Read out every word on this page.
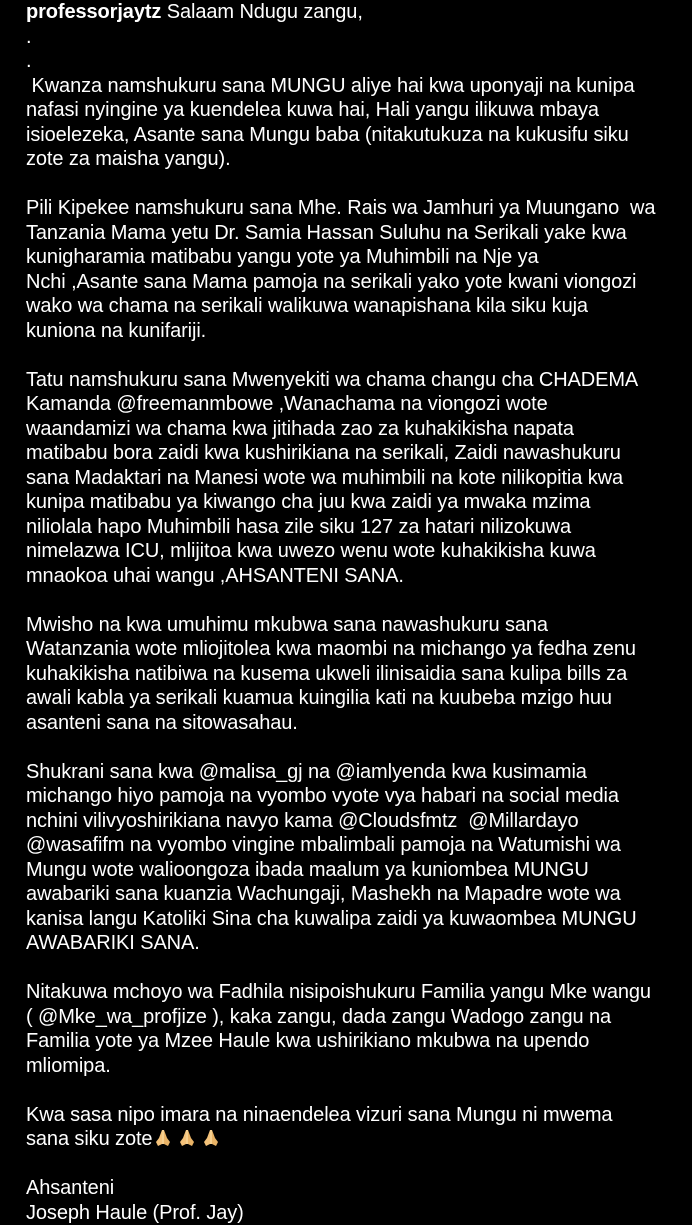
professorjaytz Salaam Ndugu zangu,
.
.
Kwanza namshukuru sana MUNGU aliye hai kwa uponyaji na kunipa
nafasi nyingine ya kuendelea kuwa hai, Hali yangu ilikuwa mbaya
isioelezeka, Asante sana Mungu baba (nitakutukuza na kukusifu siku
zote za maisha yangu).
Pili Kipekee namshukuru sana Mhe. Rais wa Jamhuri ya Muungano  wa
Tanzania Mama yetu Dr. Samia Hassan Suluhu na Serikali yake kwa
kunigharamia matibabu yangu yote ya Muhimbili na Nje ya
Nchi ,Asante sana Mama pamoja na serikali yako yote kwani viongozi
wako wa chama na serikali walikuwa wanapishana kila siku kuja
kuniona na kunifariji.
Tatu namshukuru sana Mwenyekiti wa chama changu cha CHADEMA
Kamanda @freemanmbowe ,Wanachama na viongozi wote
waandamizi wa chama kwa jitihada zao za kuhakikisha napata
matibabu bora zaidi kwa kushirikiana na serikali, Zaidi nawashukuru
sana Madaktari na Manesi wote wa muhimbili na kote nilikopitia kwa
kunipa matibabu ya kiwango cha juu kwa zaidi ya mwaka mzima
niliolala hapo Muhimbili hasa zile siku 127 za hatari nilizokuwa
nimelazwa ICU, mlijitoa kwa uwezo wenu wote kuhakikisha kuwa
mnaokoa uhai wangu ,AHSANTENI SANA.
Mwisho na kwa umuhimu mkubwa sana nawashukuru sana
Watanzania wote mliojitolea kwa maombi na michango ya fedha zenu
kuhakikisha natibiwa na kusema ukweli ilinisaidia sana kulipa bills za
awali kabla ya serikali kuamua kuingilia kati na kuubeba mzigo huu
asanteni sana na sitowasahau.
Shukrani sana kwa @malisa_gj na @iamlyenda kwa kusimamia
michango hiyo pamoja na vyombo vyote vya habari na social media
nchini vilivyoshirikiana navyo kama @Cloudsfmtz  @Millardayo
@wasafifm na vyombo vingine mbalimbali pamoja na Watumishi wa
Mungu wote walioongoza ibada maalum ya kuniombea MUNGU
awabariki sana kuanzia Wachungaji, Mashekh na Mapadre wote wa
kanisa langu Katoliki Sina cha kuwalipa zaidi ya kuwaombea MUNGU
AWABARIKI SANA.
Nitakuwa mchoyo wa Fadhila nisipoishukuru Familia yangu Mke wangu
( @Mke_wa_profjize ), kaka zangu, dada zangu Wadogo zangu na
Familia yote ya Mzee Haule kwa ushirikiano mkubwa na upendo
mliomipa.
Kwa sasa nipo imara na ninaendelea vizuri sana Mungu ni mwema
sana siku zote
Ahsanteni
Joseph Haule (Prof. Jay)
